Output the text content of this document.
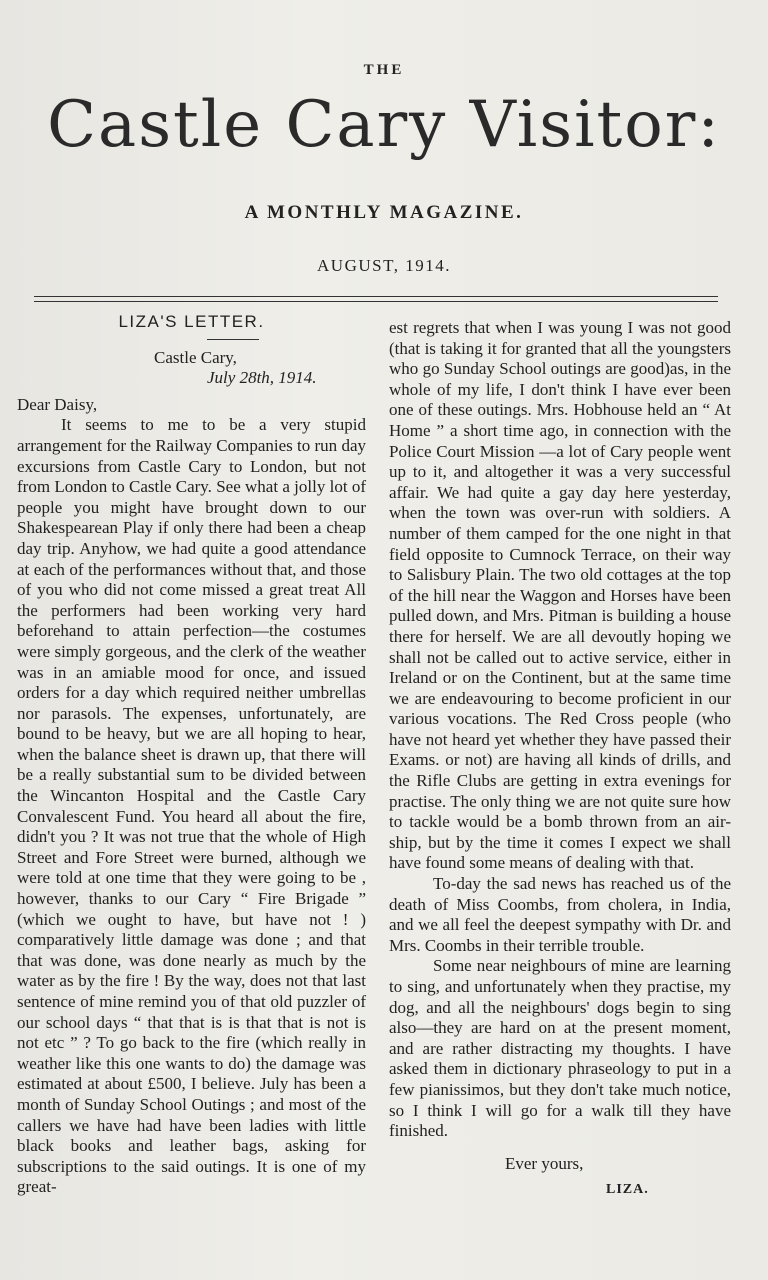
THE
Castle Cary Visitor:
A MONTHLY MAGAZINE.
AUGUST, 1914.

LIZA'S LETTER.

Castle Cary,

July 28th, 1914.

Dear Daisy,

It seems to me to be a very stupid arrangement for the Railway Companies to run day excursions from Castle Cary to London, but not from London to Castle Cary. See what a jolly lot of people you might have brought down to our Shakespearean Play if only there had been a cheap day trip. Anyhow, we had quite a good attendance at each of the performances without that, and those of you who did not come missed a great treat All the performers had been working very hard beforehand to attain perfection—the costumes were simply gorgeous, and the clerk of the weather was in an amiable mood for once, and issued orders for a day which required neither umbrellas nor parasols. The expenses, unfortunately, are bound to be heavy, but we are all hoping to hear, when the balance sheet is drawn up, that there will be a really substantial sum to be divided between the Wincanton Hospital and the Castle Cary Convalescent Fund. You heard all about the fire, didn't you ? It was not true that the whole of High Street and Fore Street were burned, although we were told at one time that they were going to be , however, thanks to our Cary “ Fire Brigade ” (which we ought to have, but have not ! ) comparatively little damage was done ; and that that was done, was done nearly as much by the water as by the fire ! By the way, does not that last sentence of mine remind you of that old puzzler of our school days “ that that is is that that is not is not etc ” ? To go back to the fire (which really in weather like this one wants to do) the damage was estimated at about £500, I believe. July has been a month of Sunday School Outings ; and most of the callers we have had have been ladies with little black books and leather bags, asking for subscriptions to the said outings. It is one of my great-

est regrets that when I was young I was not good (that is taking it for granted that all the youngsters who go Sunday School outings are good)as, in the whole of my life, I don't think I have ever been one of these outings. Mrs. Hobhouse held an “ At Home ” a short time ago, in connection with the Police Court Mission —a lot of Cary people went up to it, and altogether it was a very successful affair. We had quite a gay day here yesterday, when the town was over-run with soldiers. A number of them camped for the one night in that field opposite to Cumnock Terrace, on their way to Salisbury Plain. The two old cottages at the top of the hill near the Waggon and Horses have been pulled down, and Mrs. Pitman is building a house there for herself. We are all devoutly hoping we shall not be called out to active service, either in Ireland or on the Continent, but at the same time we are endeavouring to become proficient in our various vocations. The Red Cross people (who have not heard yet whether they have passed their Exams. or not) are having all kinds of drills, and the Rifle Clubs are getting in extra evenings for practise. The only thing we are not quite sure how to tackle would be a bomb thrown from an air-ship, but by the time it comes I expect we shall have found some means of dealing with that.

To-day the sad news has reached us of the death of Miss Coombs, from cholera, in India, and we all feel the deepest sympathy with Dr. and Mrs. Coombs in their terrible trouble.

Some near neighbours of mine are learning to sing, and unfortunately when they practise, my dog, and all the neighbours' dogs begin to sing also—they are hard on at the present moment, and are rather distracting my thoughts. I have asked them in dictionary phraseology to put in a few pianissimos, but they don't take much notice, so I think I will go for a walk till they have finished.

Ever yours,

LIZA.
